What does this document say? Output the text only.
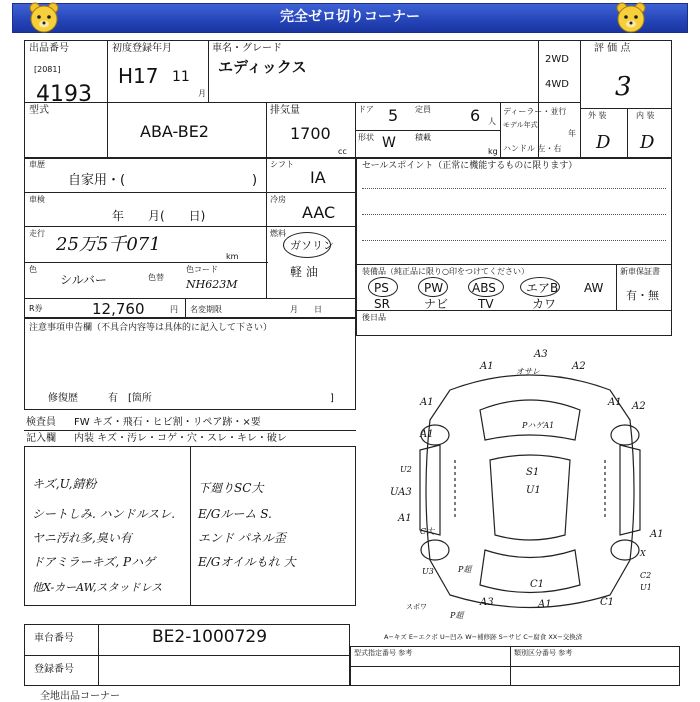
完全ゼロ切りコーナー
出品番号
[2081]
4193
初度登録年月
H17 11
月
車名・グレード
エディックス	2WD
4WD
評 価 点
3
型式
ABA-BE2
排気量
1700
cc
ドア 5 定員 6 人
形状 W 積載
kg
ディーラー・並行
モデル年式
年
ハンドル 左・右
外 装	内 装
D D
車歴
自家用・(	)
シフト
IA
車検
年　　月(　　日)
冷房
AAC
走行
25万5千071
km
燃料
ガソリン
軽 油
色
シルバー	色替
色コード
NH623M
R券	12,760	円 名変期限	月　　日
セールスポイント（正常に機能するものに限ります）
装備品（純正品に限り○印をつけてください）	新車保証書
有・無
PS	PW ABS	エアB AW
SR	ナビ TV	カワ
後日品
注意事項申告欄（不具合内容等は具体的に記入して下さい）
修復歴	有　[箇所	]
検査員 FW キズ・飛石・ヒビ割・リペア跡・×要
記入欄 内装 キズ・汚レ・コゲ・穴・スレ・キレ・破レ
キズ,U,錆粉
シートしみ. ハンドルスレ.
ヤニ汚れ多,臭い有
ドアミラーキズ, Pハゲ
他X-カーAW,スタッドレス
下廻りSC大
E/Gルーム S.
エンド パネル歪
E/Gオイルもれ 大
A1
A3
オサレ	A2
A1	A1 A2
PハゲA1
U2	S1
U1
UA3
A1
C大
P超
C1
U3	C2
U1
A1
スポワ	A3	A1
P超
C1
A1
X
A−キズ E−エクボ U−凹み W−補修跡 S−サビ C−腐食 XX−交換済
車台番号	BE2-1000729
登録番号
全地出品コーナー
型式指定番号 参考	類別区分番号 参考
